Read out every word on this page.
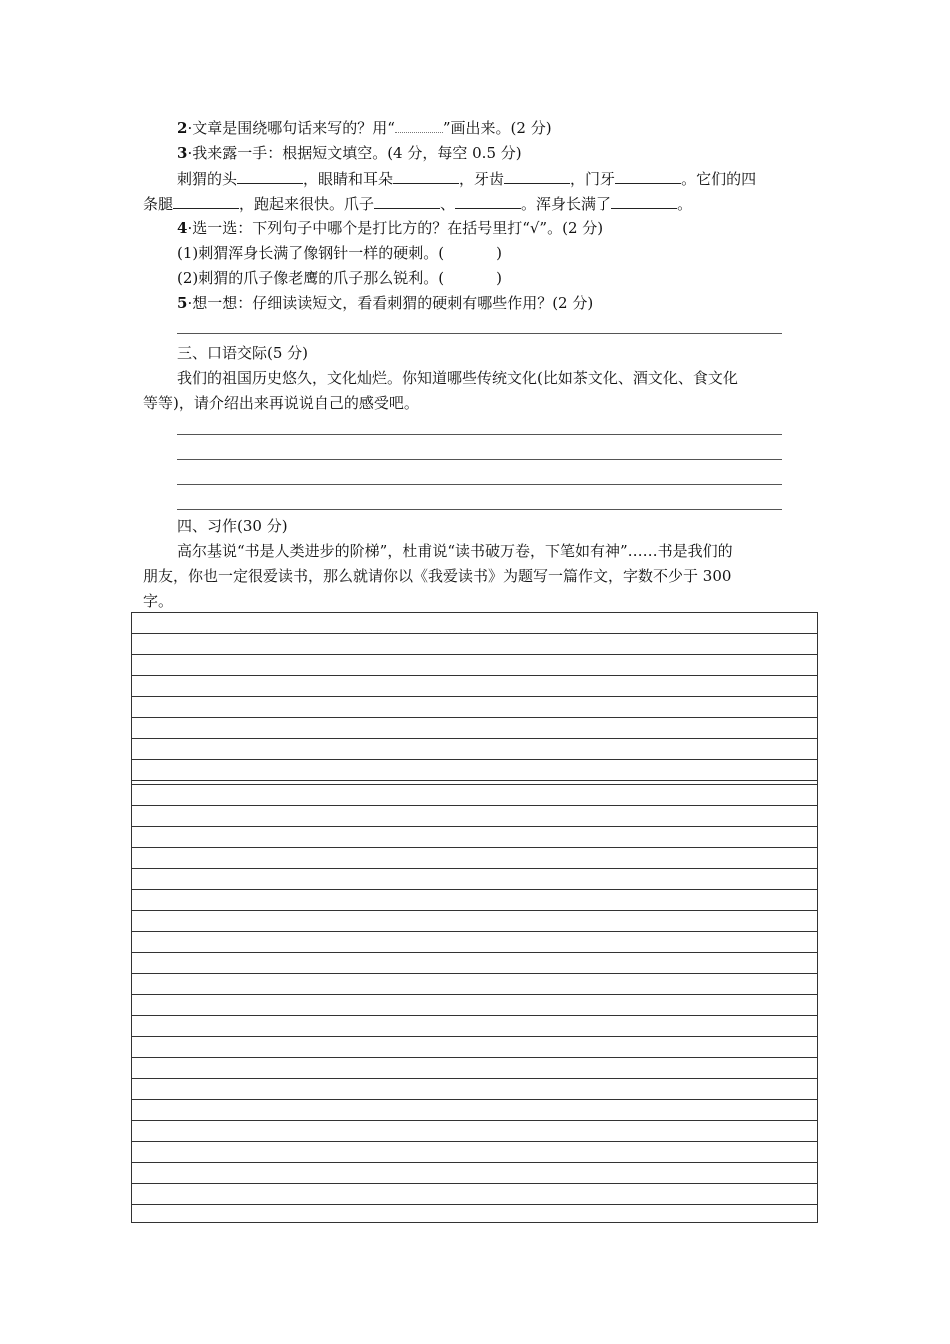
2·文章是围绕哪句话来写的？用“	”画出来。(2 分)
3·我来露一手：根据短文填空。(4 分，每空 0.5 分)
刺猬的头	，眼睛和耳朵	，牙齿	，门牙	。它们的四
条腿	，跑起来很快。爪子	、	。浑身长满了	。
4·选一选：下列句子中哪个是打比方的？在括号里打“√”。(2 分)
(1)刺猬浑身长满了像钢针一样的硬刺。(	)
(2)刺猬的爪子像老鹰的爪子那么锐利。(	)
5·想一想：仔细读读短文，看看刺猬的硬刺有哪些作用？(2 分)
三、口语交际(5 分)
我们的祖国历史悠久，文化灿烂。你知道哪些传统文化(比如茶文化、酒文化、食文化
等等)，请介绍出来再说说自己的感受吧。
四、习作(30 分)
高尔基说“书是人类进步的阶梯”，杜甫说“读书破万卷，下笔如有神”……书是我们的
朋友，你也一定很爱读书，那么就请你以《我爱读书》为题写一篇作文，字数不少于 300
字。
